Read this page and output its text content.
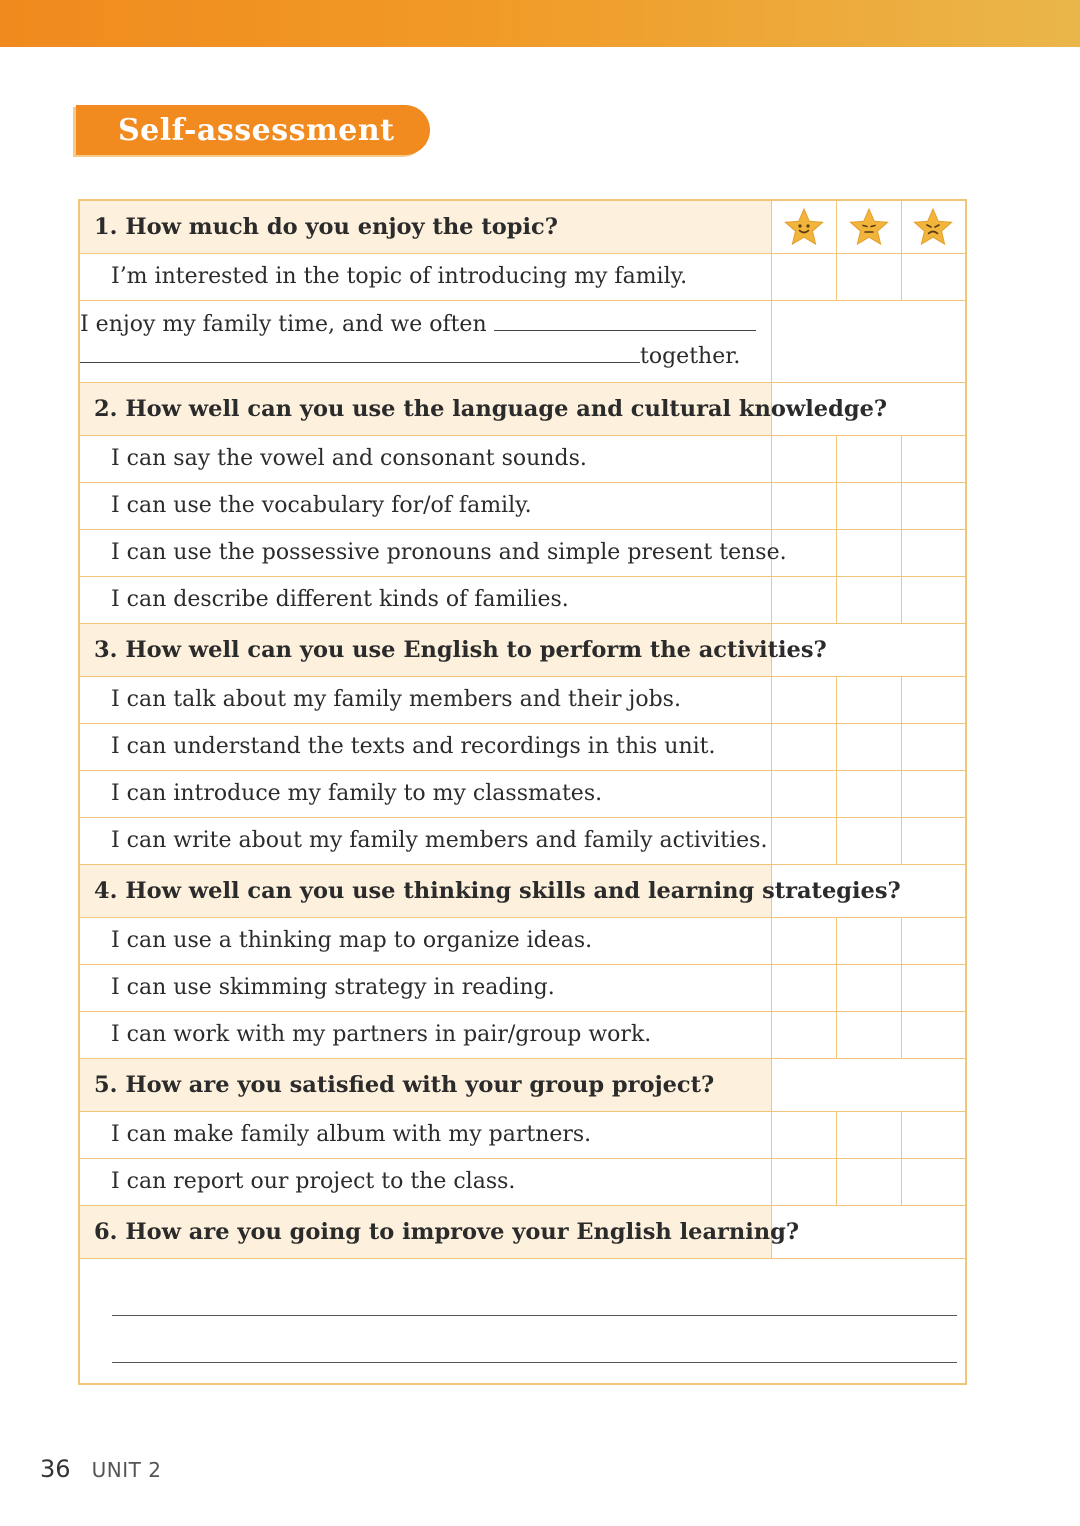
Self-assessment
1. How much do you enjoy the topic?	

I’m interested in the topic of introducing my family.			

I enjoy my family time, and we often
together.			

2. How well can you use the language and cultural knowledge?			
I can say the vowel and consonant sounds.			
I can use the vocabulary for/of family.			
I can use the possessive pronouns and simple present tense.			
I can describe different kinds of families.			
3. How well can you use English to perform the activities?			
I can talk about my family members and their jobs.			
I can understand the texts and recordings in this unit.			
I can introduce my family to my classmates.			
I can write about my family members and family activities.			
4. How well can you use thinking skills and learning strategies?			
I can use a thinking map to organize ideas.			
I can use skimming strategy in reading.			
I can work with my partners in pair/group work.			
5. How are you satisfied with your group project?			
I can make family album with my partners.			
I can report our project to the class.			
6. How are you going to improve your English learning?			

36 UNIT 2
